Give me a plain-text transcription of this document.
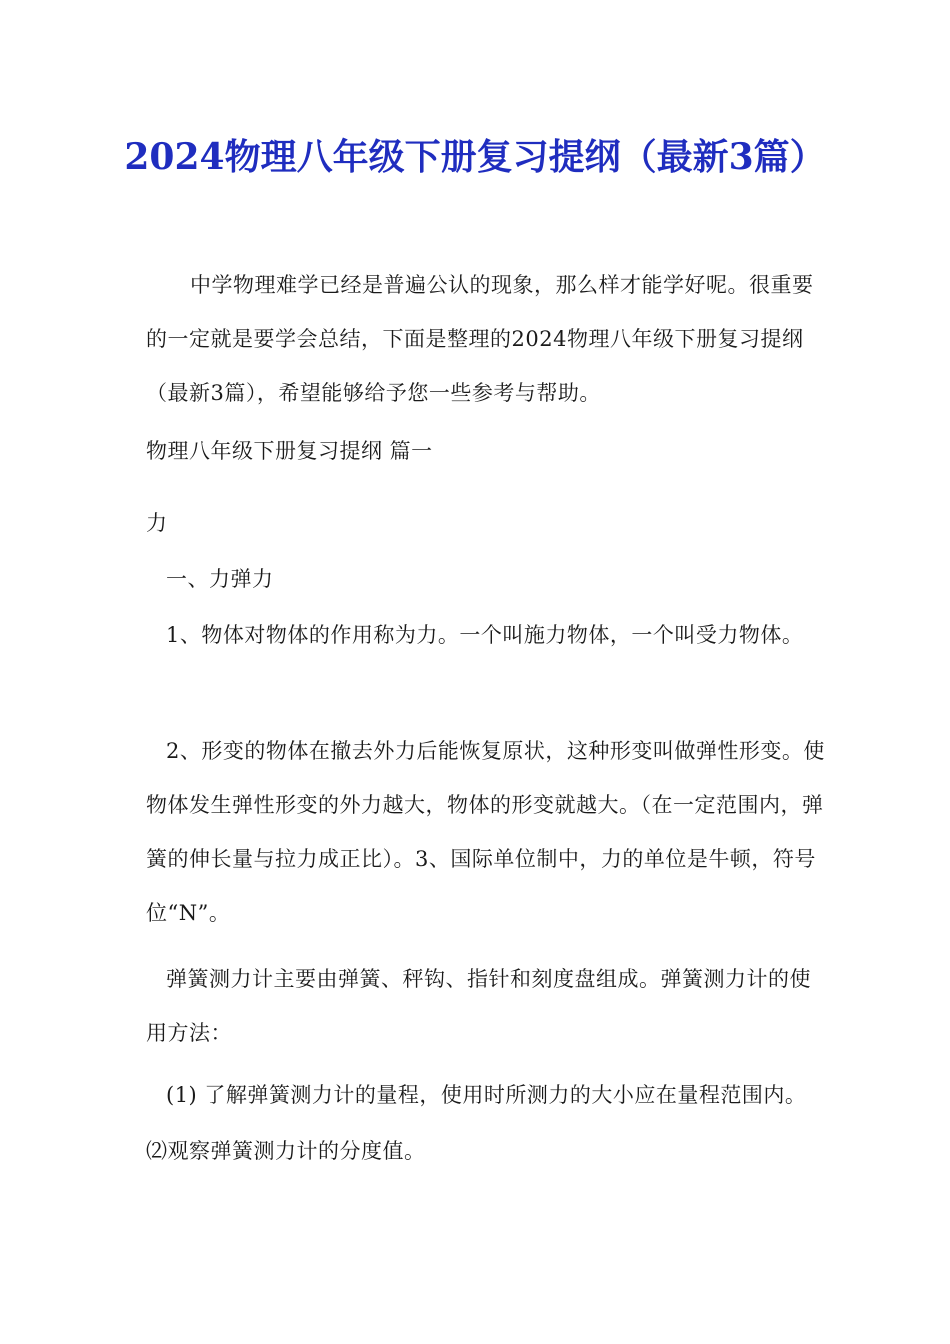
2024物理八年级下册复习提纲（最新3篇）

中学物理难学已经是普遍公认的现象，那么样才能学好呢。很重要的一定就是要学会总结，下面是整理的2024物理八年级下册复习提纲（最新3篇），希望能够给予您一些参考与帮助。

物理八年级下册复习提纲 篇一

力

一、力弹力

1、物体对物体的作用称为力。一个叫施力物体，一个叫受力物体。

2、形变的物体在撤去外力后能恢复原状，这种形变叫做弹性形变。使物体发生弹性形变的外力越大，物体的形变就越大。（在一定范围内，弹簧的伸长量与拉力成正比）。3、国际单位制中，力的单位是牛顿，符号位“N”。

弹簧测力计主要由弹簧、秤钩、指针和刻度盘组成。弹簧测力计的使用方法：

(1) 了解弹簧测力计的量程，使用时所测力的大小应在量程范围内。

⑵观察弹簧测力计的分度值。
